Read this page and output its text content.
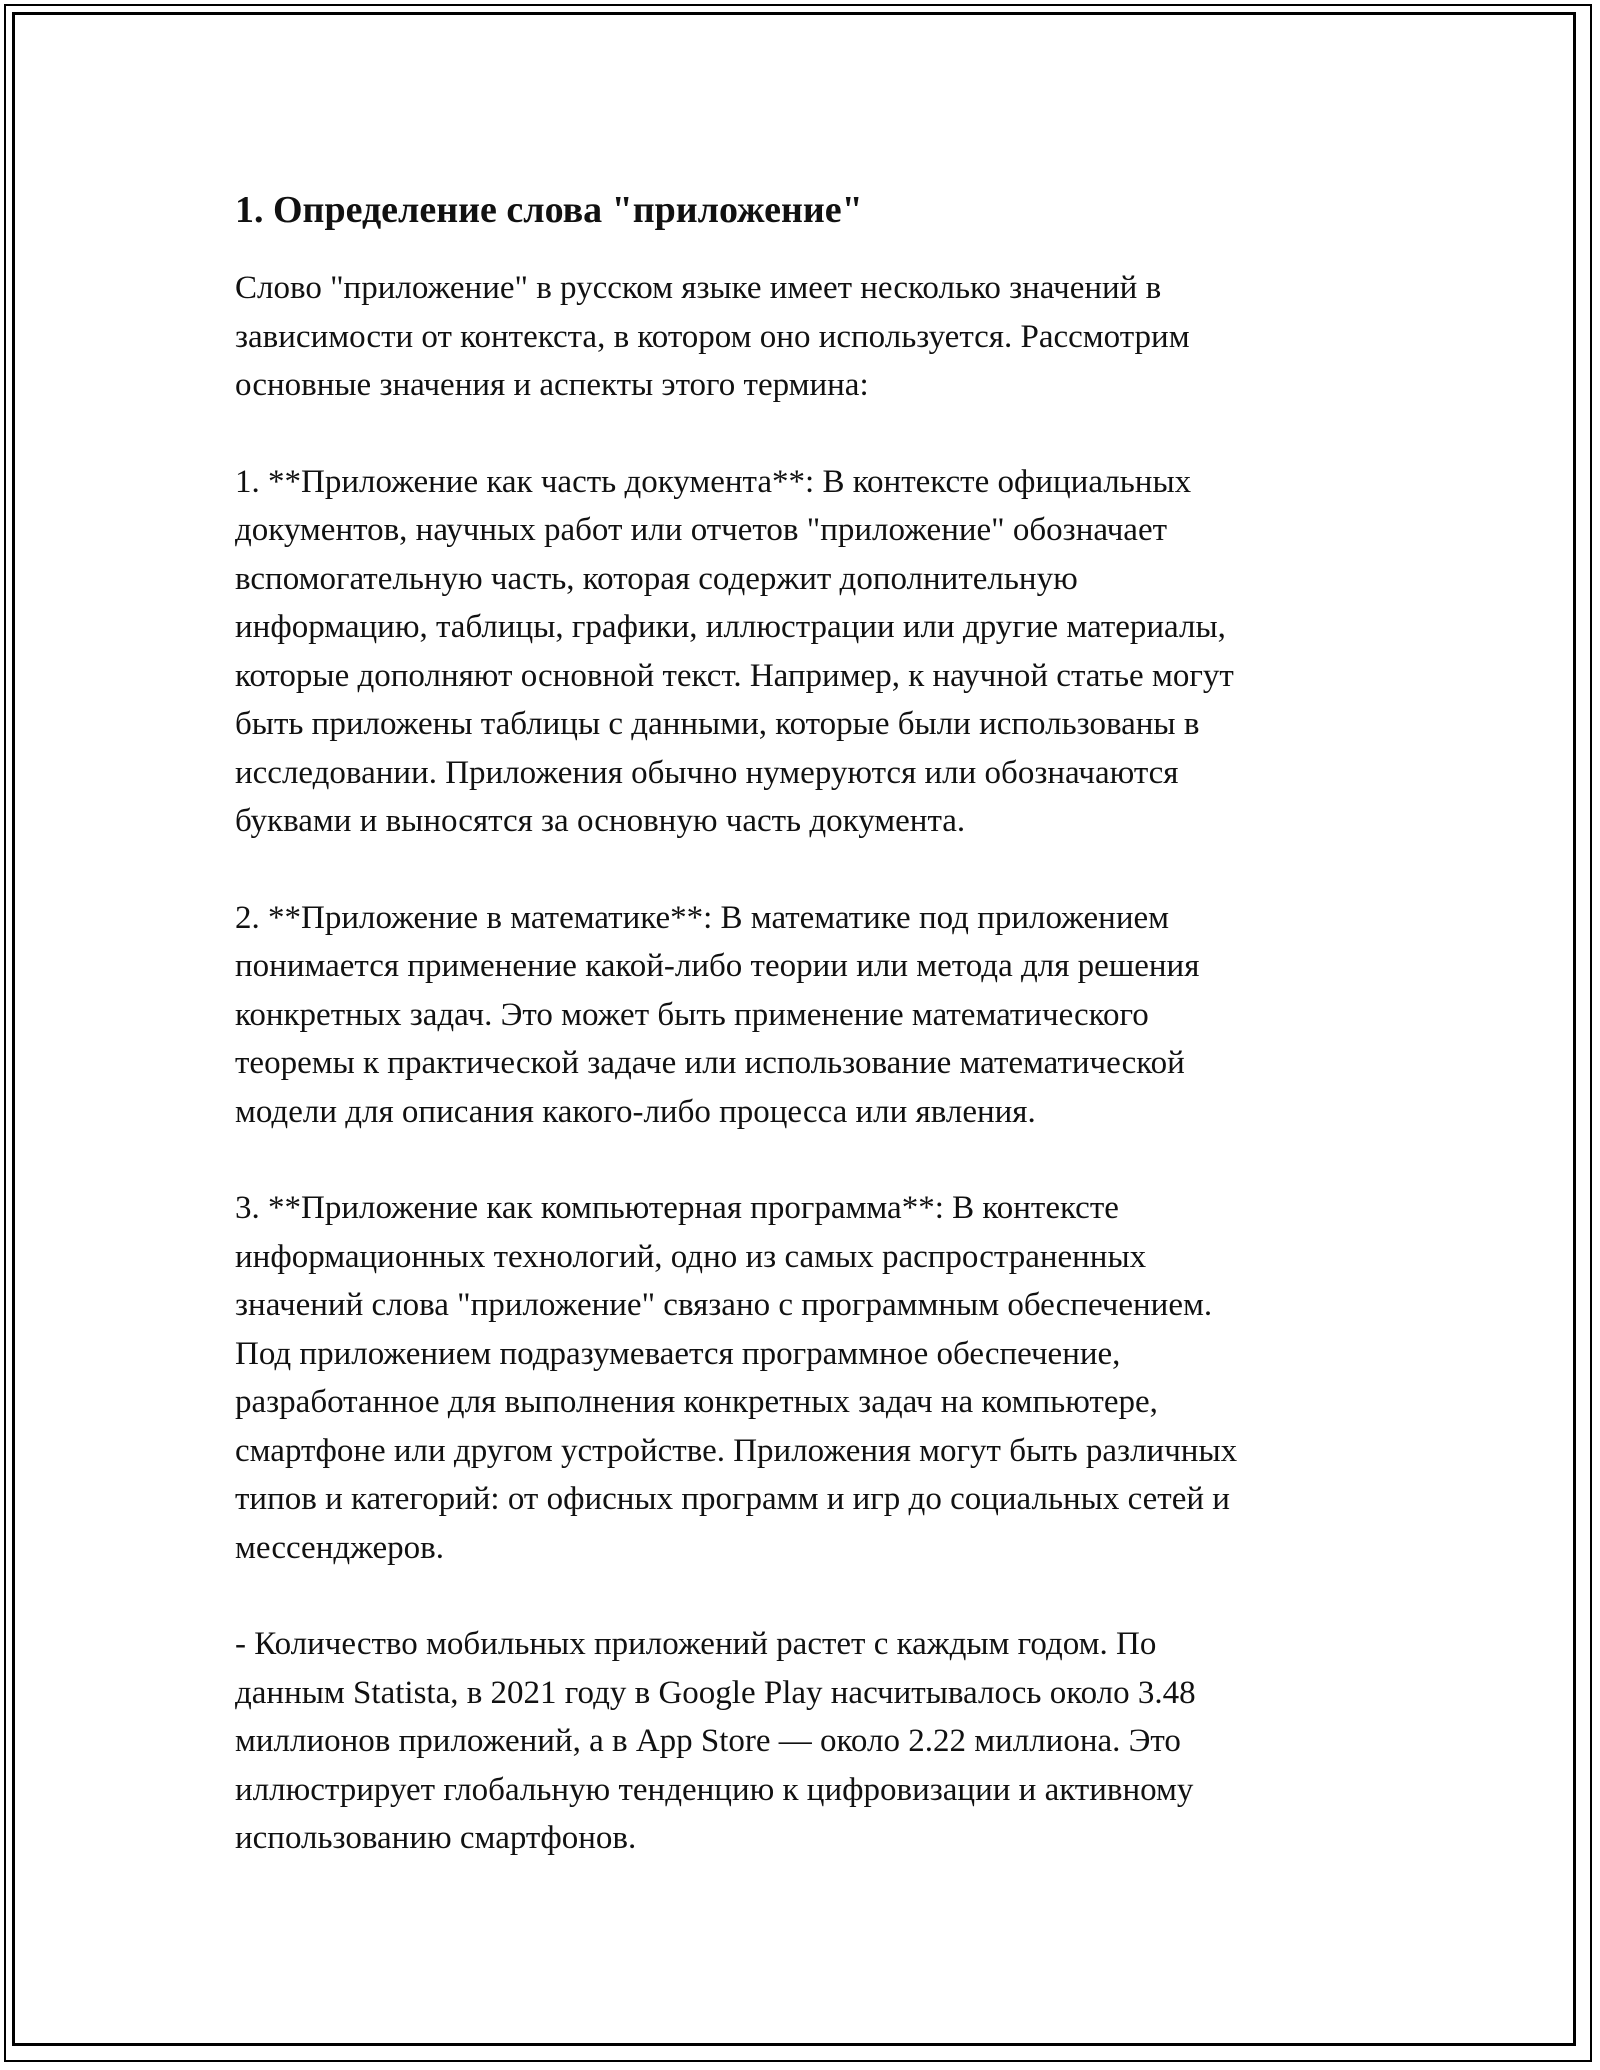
1. Определение слова "приложение"

Слово "приложение" в русском языке имеет несколько значений в
зависимости от контекста, в котором оно используется. Рассмотрим
основные значения и аспекты этого термина:

1. **Приложение как часть документа**: В контексте официальных
документов, научных работ или отчетов "приложение" обозначает
вспомогательную часть, которая содержит дополнительную
информацию, таблицы, графики, иллюстрации или другие материалы,
которые дополняют основной текст. Например, к научной статье могут
быть приложены таблицы с данными, которые были использованы в
исследовании. Приложения обычно нумеруются или обозначаются
буквами и выносятся за основную часть документа.

2. **Приложение в математике**: В математике под приложением
понимается применение какой-либо теории или метода для решения
конкретных задач. Это может быть применение математического
теоремы к практической задаче или использование математической
модели для описания какого-либо процесса или явления.

3. **Приложение как компьютерная программа**: В контексте
информационных технологий, одно из самых распространенных
значений слова "приложение" связано с программным обеспечением.
Под приложением подразумевается программное обеспечение,
разработанное для выполнения конкретных задач на компьютере,
смартфоне или другом устройстве. Приложения могут быть различных
типов и категорий: от офисных программ и игр до социальных сетей и
мессенджеров.

- Количество мобильных приложений растет с каждым годом. По
данным Statista, в 2021 году в Google Play насчитывалось около 3.48
миллионов приложений, а в App Store — около 2.22 миллиона. Это
иллюстрирует глобальную тенденцию к цифровизации и активному
использованию смартфонов.
